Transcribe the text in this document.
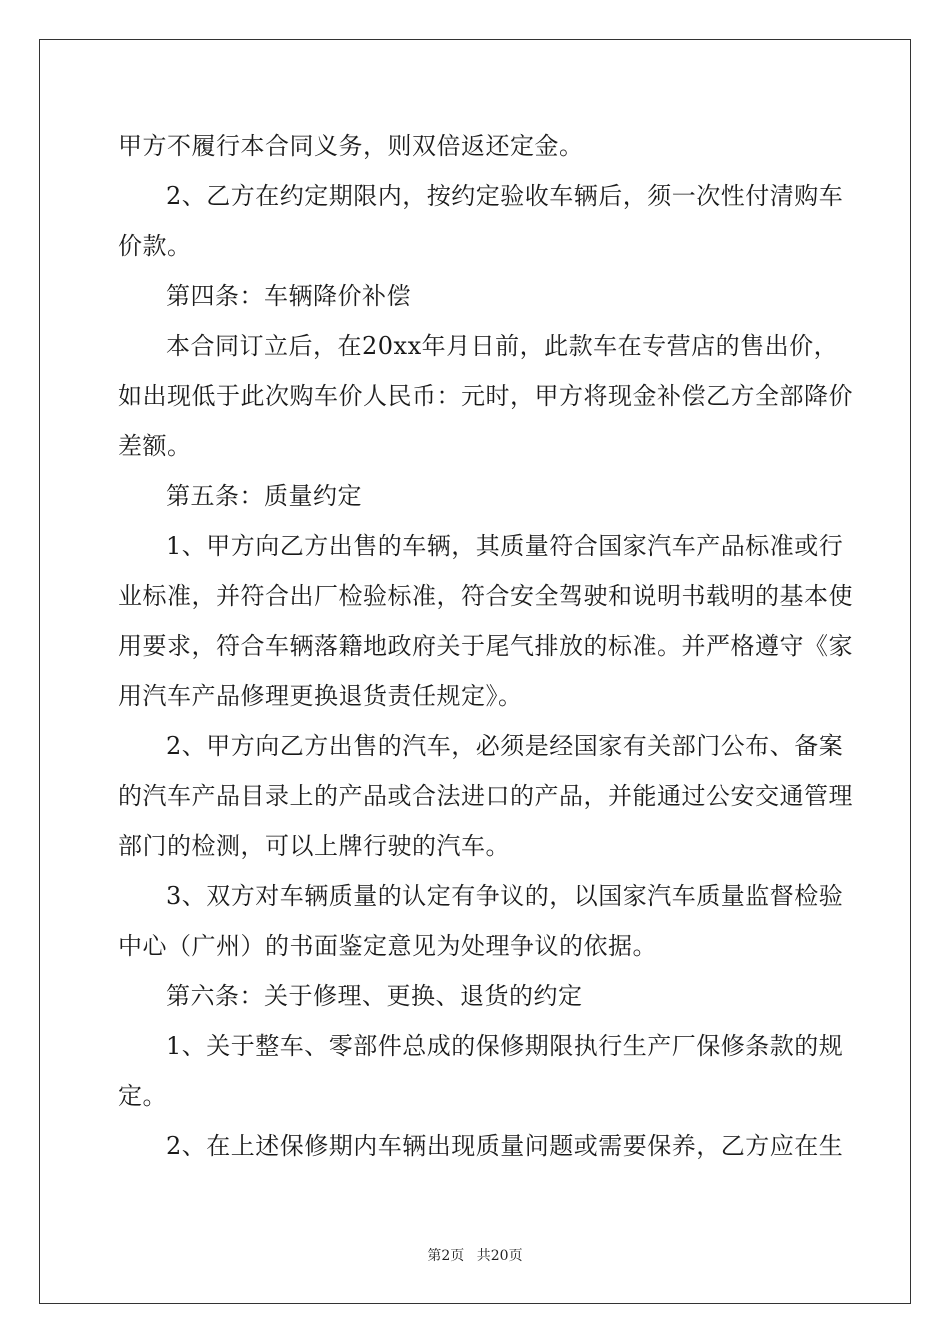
甲方不履行本合同义务，则双倍返还定金。
2、乙方在约定期限内，按约定验收车辆后，须一次性付清购车
价款。
第四条：车辆降价补偿
本合同订立后，在20xx年月日前，此款车在专营店的售出价，
如出现低于此次购车价人民币：元时，甲方将现金补偿乙方全部降价
差额。
第五条：质量约定
1、甲方向乙方出售的车辆，其质量符合国家汽车产品标准或行
业标准，并符合出厂检验标准，符合安全驾驶和说明书载明的基本使
用要求，符合车辆落籍地政府关于尾气排放的标准。并严格遵守《家
用汽车产品修理更换退货责任规定》。
2、甲方向乙方出售的汽车，必须是经国家有关部门公布、备案
的汽车产品目录上的产品或合法进口的产品，并能通过公安交通管理
部门的检测，可以上牌行驶的汽车。
3、双方对车辆质量的认定有争议的，以国家汽车质量监督检验
中心（广州）的书面鉴定意见为处理争议的依据。
第六条：关于修理、更换、退货的约定
1、关于整车、零部件总成的保修期限执行生产厂保修条款的规
定。
2、在上述保修期内车辆出现质量问题或需要保养，乙方应在生
第2页 共20页
